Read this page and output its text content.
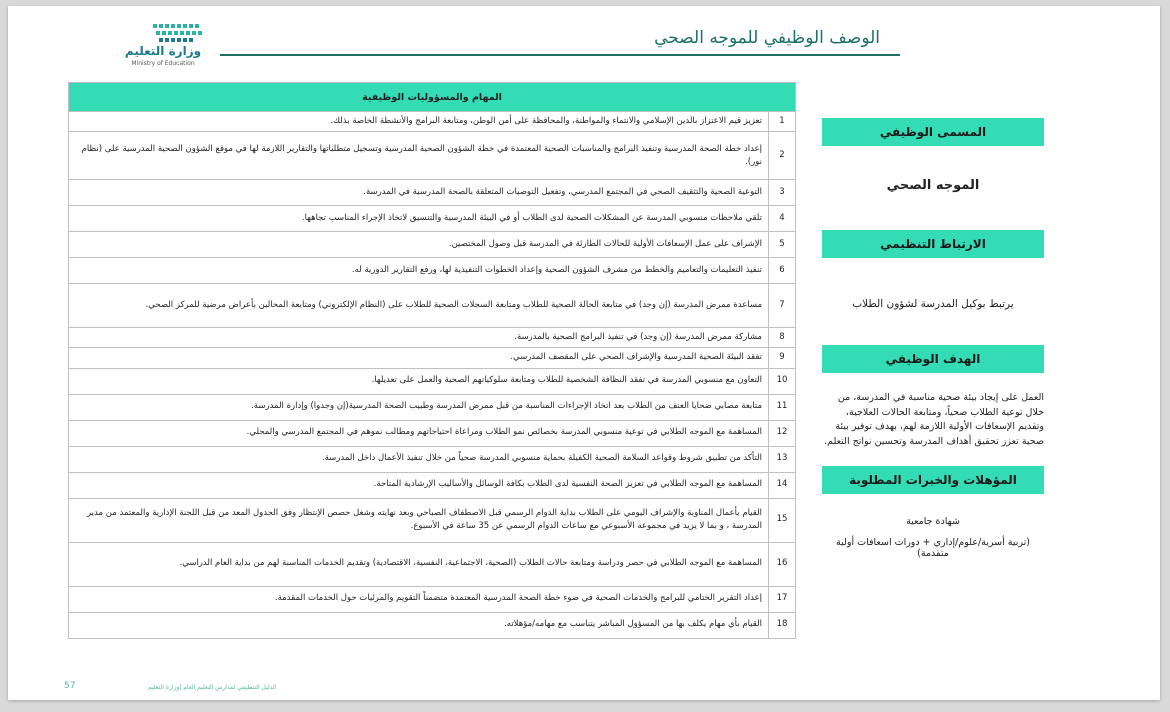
وزارة التعليم
Ministry of Education
الوصف الوظيفي للموجه الصحي
المهام والمسؤوليات الوظيفية	
1	تعزيز قيم الاعتزاز بالدين الإسلامي والانتماء والمواطنة، والمحافظة على أمن الوطن، ومتابعة البرامج والأنشطة الخاصة بذلك.
2	إعداد خطة الصحة المدرسية وتنفيذ البرامج والمناسبات الصحية المعتمدة في خطة الشؤون الصحية المدرسية وتسجيل متطلباتها والتقارير اللازمة لها في موقع الشؤون الصحية المدرسية على (نظام نور).
3	التوعية الصحية والتثقيف الصحي في المجتمع المدرسي، وتفعيل التوصيات المتعلقة بالصحة المدرسية في المدرسة.
4	تلقي ملاحظات منسوبي المدرسة عن المشكلات الصحية لدى الطلاب أو في البيئة المدرسية والتنسيق لاتخاذ الإجراء المناسب تجاهها.
5	الإشراف على عمل الإسعافات الأولية للحالات الطارئة في المدرسة قبل وصول المختصين.
6	تنفيذ التعليمات والتعاميم والخطط من مشرف الشؤون الصحية وإعداد الخطوات التنفيذية لها، ورفع التقارير الدورية له.
7	مساعدة ممرض المدرسة (إن وجد) في متابعة الحالة الصحية للطلاب ومتابعة السجلات الصحية للطلاب على (النظام الإلكتروني) ومتابعة المحالين بأعراض مرضية للمركز الصحي.
8	مشاركة ممرض المدرسة (إن وجد) في تنفيذ البرامج الصحية بالمدرسة.
9	تفقد البيئة الصحية المدرسية والإشراف الصحي على المقصف المدرسي.
10	التعاون مع منسوبي المدرسة في تفقد النظافة الشخصية للطلاب ومتابعة سلوكياتهم الصحية والعمل على تعديلها.
11	متابعة مصابي ضحايا العنف من الطلاب بعد اتخاذ الإجراءات المناسبة من قبل ممرض المدرسة وطبيب الصحة المدرسية(إن وجدوا) وإدارة المدرسة.
12	المساهمة مع الموجه الطلابي في توعية منسوبي المدرسة بخصائص نمو الطلاب ومراعاة احتياجاتهم ومطالب نموهم في المجتمع المدرسي والمحلي.
13	التأكد من تطبيق شروط وقواعد السلامة الصحية الكفيلة بحماية منسوبي المدرسة صحياً من خلال تنفيذ الأعمال داخل المدرسة.
14	المساهمة مع الموجه الطلابي في تعزيز الصحة النفسية لدى الطلاب بكافة الوسائل والأساليب الإرشادية المتاحة.
15	القيام بأعمال المناوبة والإشراف اليومي على الطلاب بداية الدوام الرسمي قبل الاصطفاف الصباحي وبعد نهايته وشغل حصص الإنتظار وفق الجدول المعد من قبل اللجنة الإدارية والمعتمد من مدير المدرسة ، و بما لا يزيد في مجموعه الأسبوعي مع ساعات الدوام الرسمي عن 35 ساعة في الأسبوع.
16	المساهمة مع الموجه الطلابي في حصر ودراسة ومتابعة حالات الطلاب (الصحية، الاجتماعية، النفسية، الاقتصادية) وتقديم الخدمات المناسبة لهم من بداية العام الدراسي.
17	إعداد التقرير الختامي للبرامج والخدمات الصحية في ضوء خطة الصحة المدرسية المعتمدة متضمناً التقويم والمرئيات حول الخدمات المقدمة.
18	القيام بأي مهام يكلف بها من المسؤول المباشر يتناسب مع مهامه/مؤهلاته.
المسمى الوظيفي
الموجه الصحي
الارتباط التنظيمي
يرتبط بوكيل المدرسة لشؤون الطلاب
الهدف الوظيفي
العمل على إيجاد بيئة صحية مناسبة في المدرسة، من خلال توعية الطلاب صحياً، ومتابعة الحالات العلاجية، وتقديم الإسعافات الأولية اللازمة لهم، بهدف توفير بيئة صحية تعزز تحقيق أهداف المدرسة وتحسين نواتج التعلم.
المؤهلات والخبرات المطلوبة
شهادة جامعية
(تربية أسرية/علوم/إداري + دورات اسعافات أولية متقدمة)
57	الدليل التنظيمي لمدارس التعليم العام |وزارة التعليم
